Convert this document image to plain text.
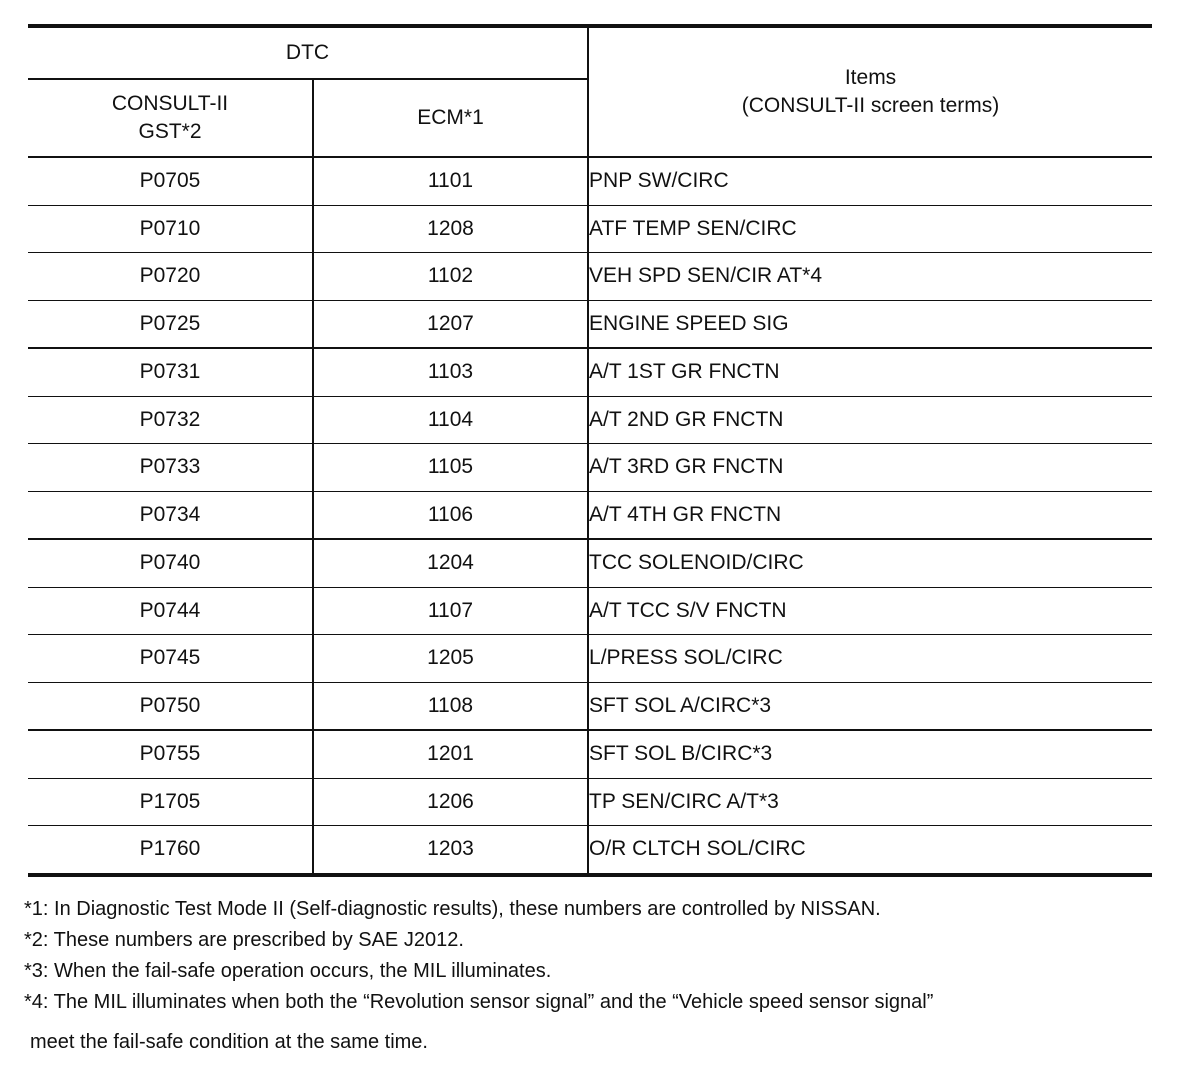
DTC		Items
(CONSULT-II screen terms)
CONSULT-II
GST*2	ECM*1	
P0705	1101	PNP SW/CIRC
P0710	1208	ATF TEMP SEN/CIRC
P0720	1102	VEH SPD SEN/CIR AT*4
P0725	1207	ENGINE SPEED SIG
P0731	1103	A/T 1ST GR FNCTN
P0732	1104	A/T 2ND GR FNCTN
P0733	1105	A/T 3RD GR FNCTN
P0734	1106	A/T 4TH GR FNCTN
P0740	1204	TCC SOLENOID/CIRC
P0744	1107	A/T TCC S/V FNCTN
P0745	1205	L/PRESS SOL/CIRC
P0750	1108	SFT SOL A/CIRC*3
P0755	1201	SFT SOL B/CIRC*3
P1705	1206	TP SEN/CIRC A/T*3
P1760	1203	O/R CLTCH SOL/CIRC

*1: In Diagnostic Test Mode II (Self-diagnostic results), these numbers are controlled by NISSAN.

*2: These numbers are prescribed by SAE J2012.

*3: When the fail-safe operation occurs, the MIL illuminates.

*4: The MIL illuminates when both the “Revolution sensor signal” and the “Vehicle speed sensor signal”

meet the fail-safe condition at the same time.
